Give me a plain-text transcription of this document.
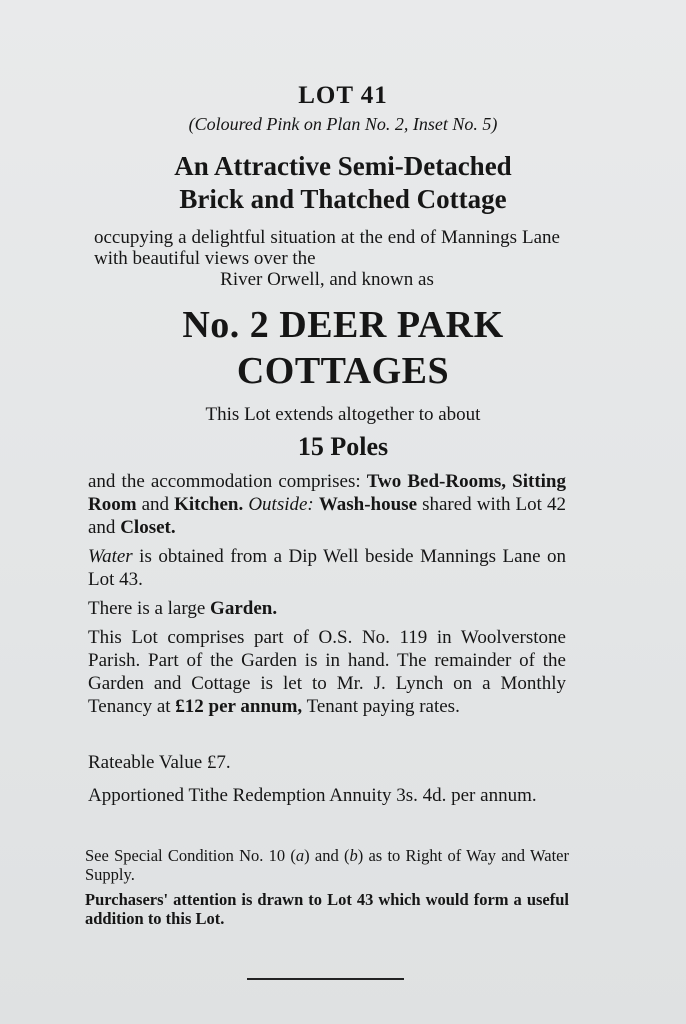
LOT 41
(Coloured Pink on Plan No. 2, Inset No. 5)
An Attractive Semi-Detached
Brick and Thatched Cottage
occupying a delightful situation at the end of Mannings Lane with beautiful views over the
River Orwell, and known as
No. 2 DEER PARK
COTTAGES
This Lot extends altogether to about
15 Poles
and the accommodation comprises: Two Bed-Rooms, Sitting Room and Kitchen. Outside: Wash-house shared with Lot 42 and Closet.
Water is obtained from a Dip Well beside Mannings Lane on Lot 43.
There is a large Garden.
This Lot comprises part of O.S. No. 119 in Woolverstone Parish. Part of the Garden is in hand. The remainder of the Garden and Cottage is let to Mr. J. Lynch on a Monthly Tenancy at £12 per annum, Tenant paying rates.
Rateable Value £7.
Apportioned Tithe Redemption Annuity 3s. 4d. per annum.
See Special Condition No. 10 (a) and (b) as to Right of Way and Water Supply.
Purchasers' attention is drawn to Lot 43 which would form a useful addition to this Lot.
